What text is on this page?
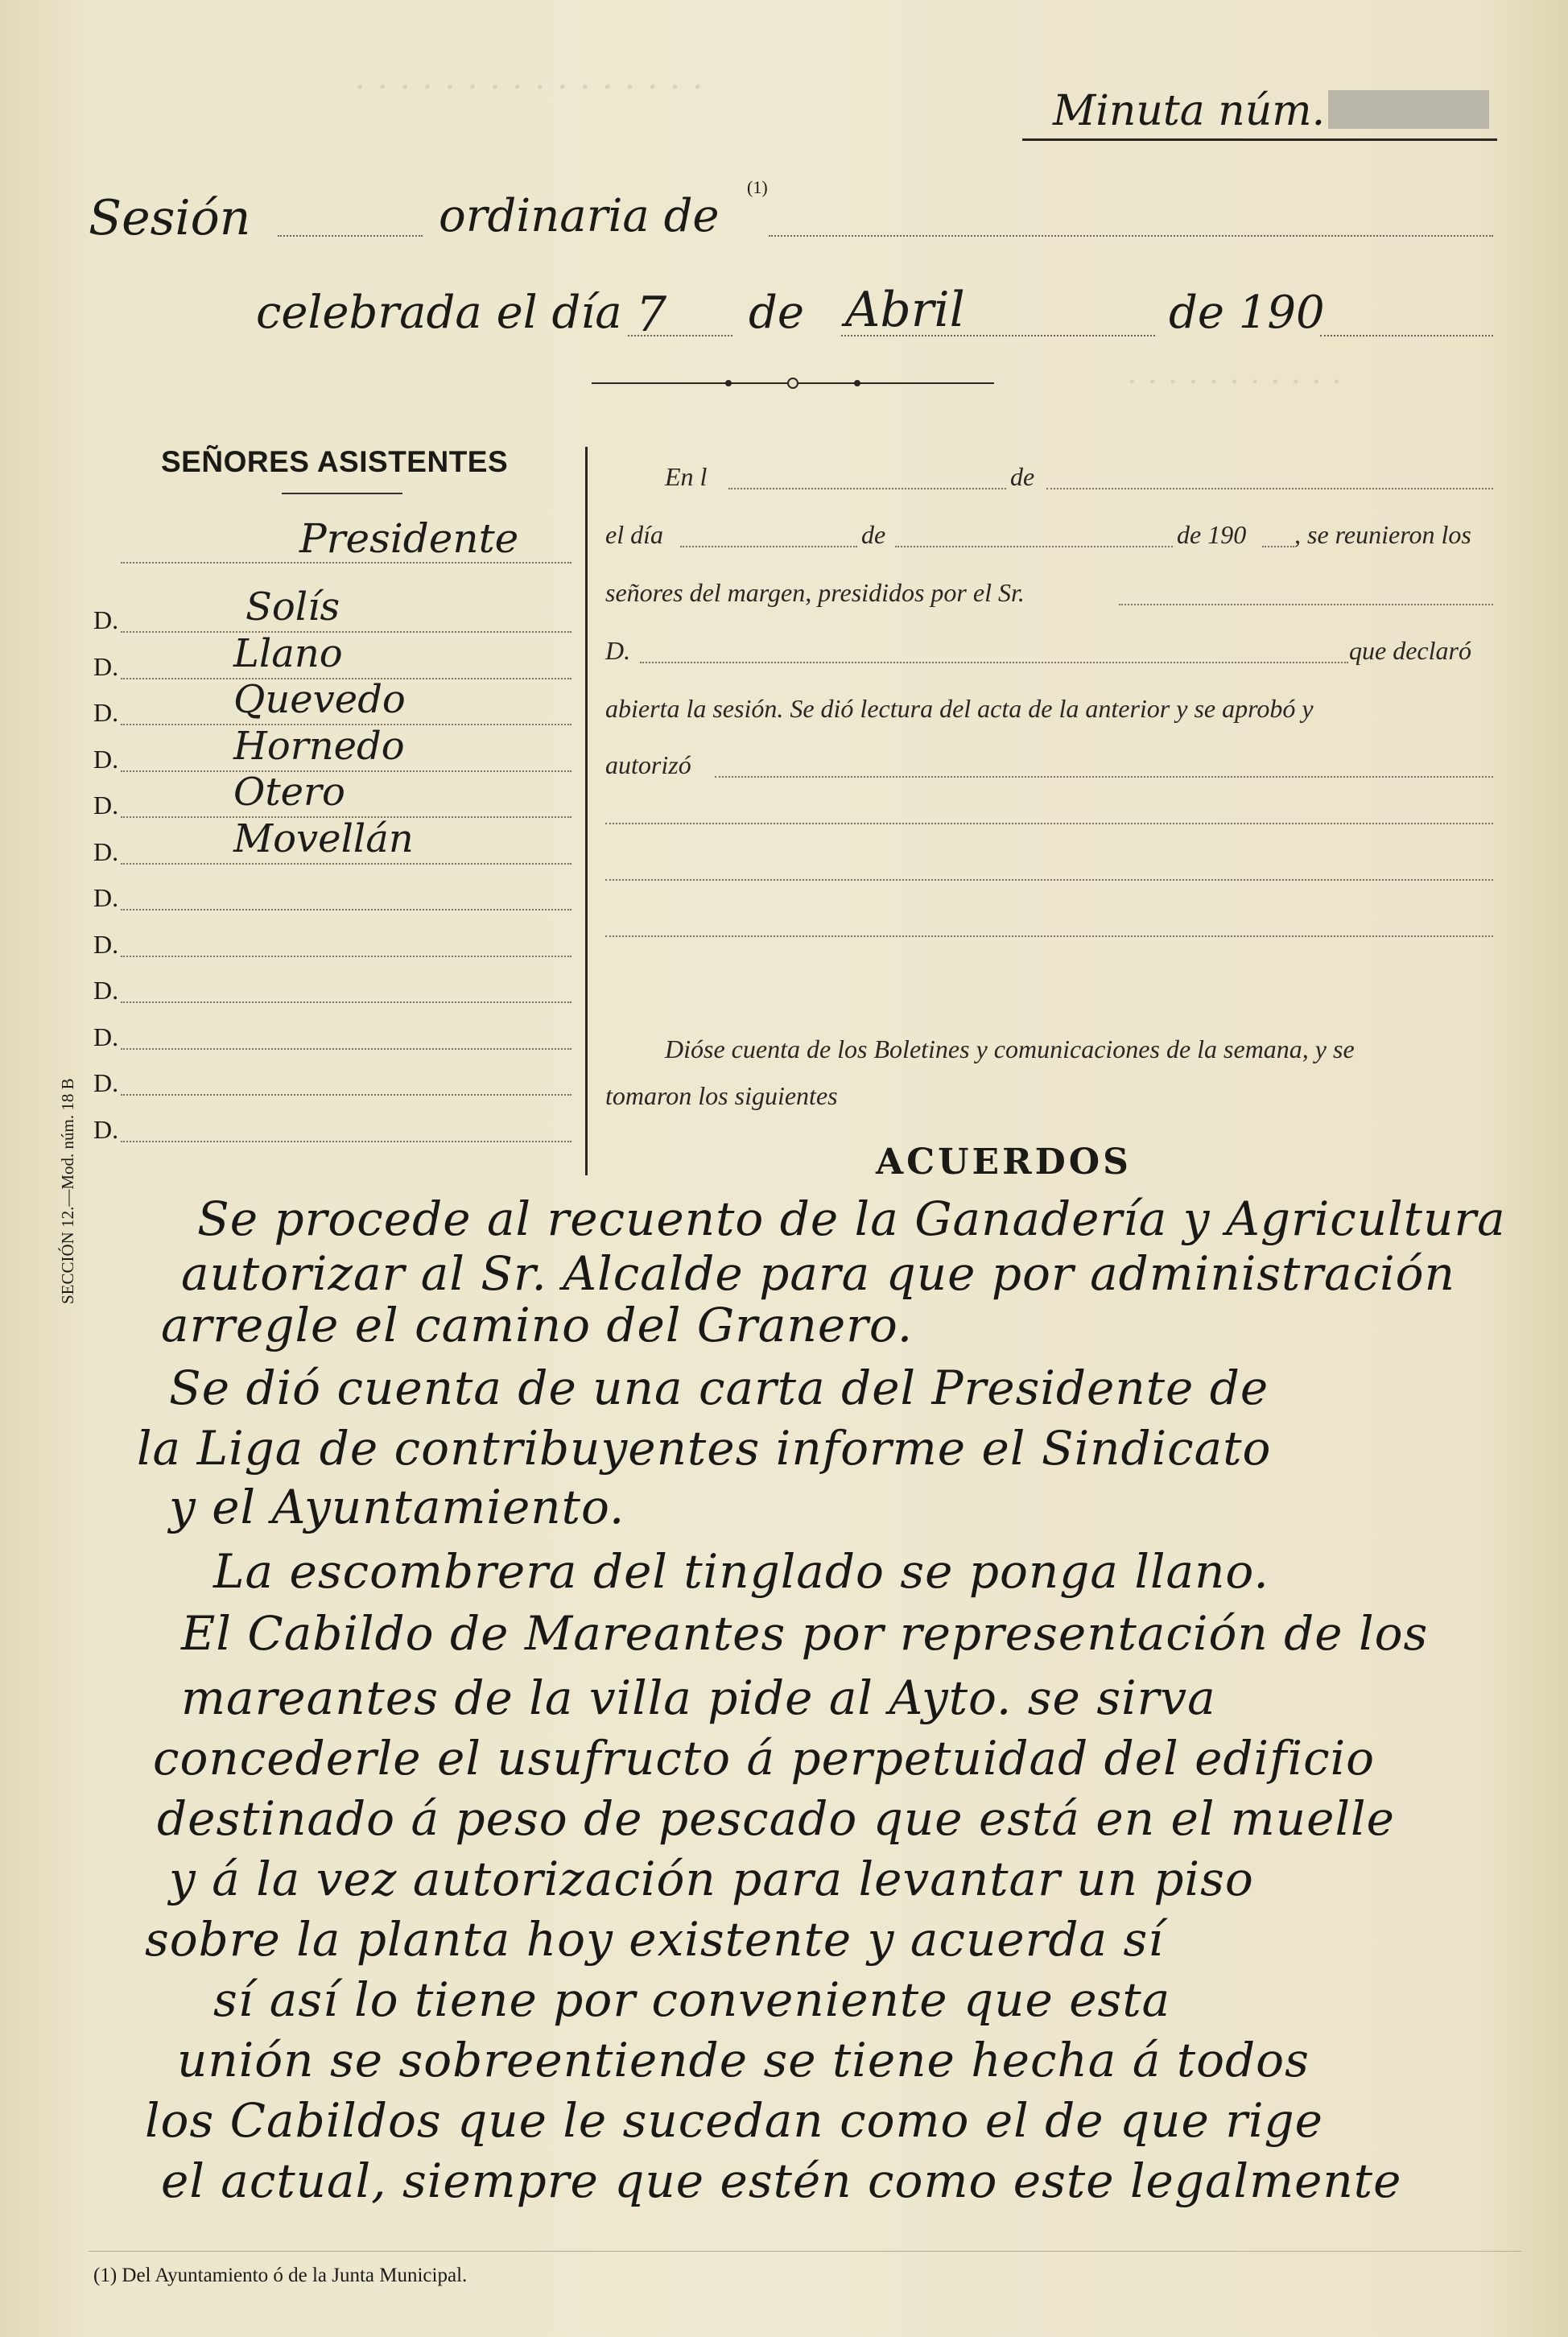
. . . . . . . . . . . . . . . .
. . . . . . . . . . .
Minuta núm.
Sesión	ordinaria de
(1)
celebrada el día 7 de Abril	de 190
SEÑORES ASISTENTES
Presidente
D.	Solís
D.	Llano
D.	Quevedo
D.	Hornedo
D.	Otero
D.	Movellán
D.
D.
D.
D.
D.
D.
En l	de
el día	de	de 190 , se reunieron los
señores del margen, presididos por el Sr.
D.	que declaró
abierta la sesión. Se dió lectura del acta de la anterior y se aprobó y
autorizó
Dióse cuenta de los Boletines y comunicaciones de la semana, y se
tomaron los siguientes
ACUERDOS
SECCIÓN 12.—Mod. núm. 18 B	Se procede al recuento de la Ganadería y Agricultura
autorizar al Sr. Alcalde para que por administración
arregle el camino del Granero.
Se dió cuenta de una carta del Presidente de
la Liga de contribuyentes informe el Sindicato
y el Ayuntamiento.
La escombrera del tinglado se ponga llano.
El Cabildo de Mareantes por representación de los
mareantes de la villa pide al Ayto. se sirva
concederle el usufructo á perpetuidad del edificio
destinado á peso de pescado que está en el muelle
y á la vez autorización para levantar un piso
sobre la planta hoy existente y acuerda sí
sí así lo tiene por conveniente que esta
unión se sobreentiende se tiene hecha á todos
los Cabildos que le sucedan como el de que rige
el actual, siempre que estén como este legalmente
(1) Del Ayuntamiento ó de la Junta Municipal.
